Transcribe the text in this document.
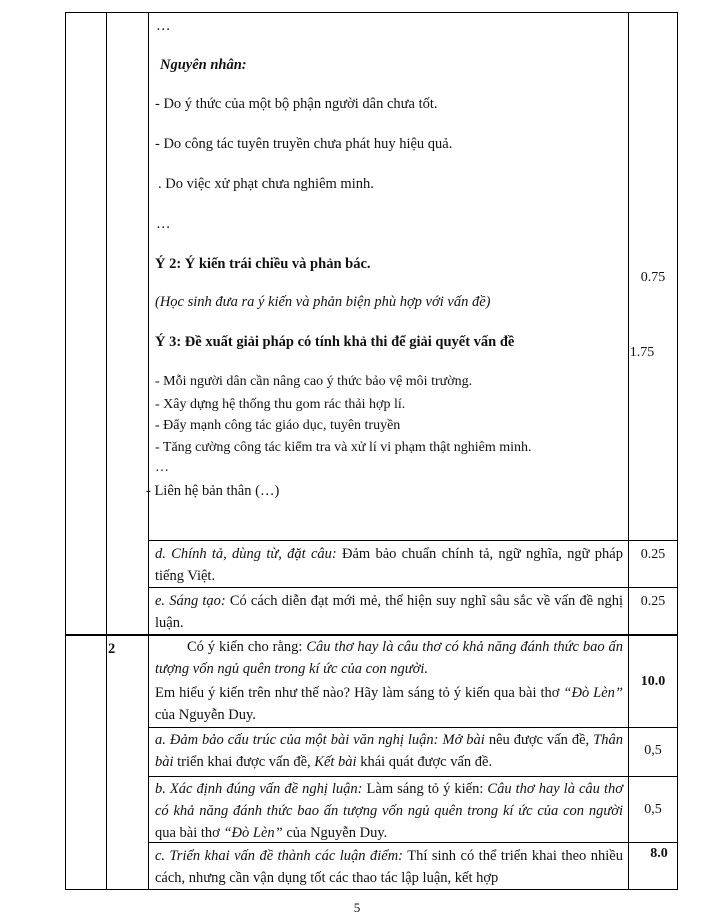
…
Nguyên nhân:
- Do ý thức của một bộ phận người dân chưa tốt.
- Do công tác tuyên truyền chưa phát huy hiệu quả.
. Do việc xử phạt chưa nghiêm minh.
…
Ý 2: Ý kiến trái chiều và phản bác.
(Học sinh đưa ra ý kiến và phản biện phù hợp với vấn đề)
Ý 3: Đề xuất giải pháp có tính khả thi để giải quyết vấn đề
- Mỗi người dân cần nâng cao ý thức bảo vệ môi trường.
- Xây dựng hệ thống thu gom rác thải hợp lí.
- Đẩy mạnh công tác giáo dục, tuyên truyền
- Tăng cường công tác kiểm tra và xử lí vi phạm thật nghiêm minh.
…
- Liên hệ bản thân (…)
0.75
1.75
d. Chính tả, dùng từ, đặt câu: Đảm bảo chuẩn chính tả, ngữ nghĩa, ngữ pháp tiếng Việt.
0.25
e. Sáng tạo: Có cách diễn đạt mới mẻ, thể hiện suy nghĩ sâu sắc về vấn đề nghị luận.
0.25
2	Có ý kiến cho rằng: Câu thơ hay là câu thơ có khả năng đánh thức bao ấn tượng vốn ngủ quên trong kí ức của con người.
Em hiểu ý kiến trên như thế nào? Hãy làm sáng tỏ ý kiến qua bài thơ “Đò Lèn” của Nguyễn Duy.
10.0
a. Đảm bảo cấu trúc của một bài văn nghị luận: Mở bài nêu được vấn đề, Thân bài triển khai được vấn đề, Kết bài khái quát được vấn đề.
0,5
b. Xác định đúng vấn đề nghị luận: Làm sáng tỏ ý kiến: Câu thơ hay là câu thơ có khả năng đánh thức bao ấn tượng vốn ngủ quên trong kí ức của con người qua bài thơ “Đò Lèn” của Nguyễn Duy.
0,5
c. Triển khai vấn đề thành các luận điểm: Thí sinh có thể triển khai theo nhiều cách, nhưng cần vận dụng tốt các thao tác lập luận, kết hợp
8.0
5
